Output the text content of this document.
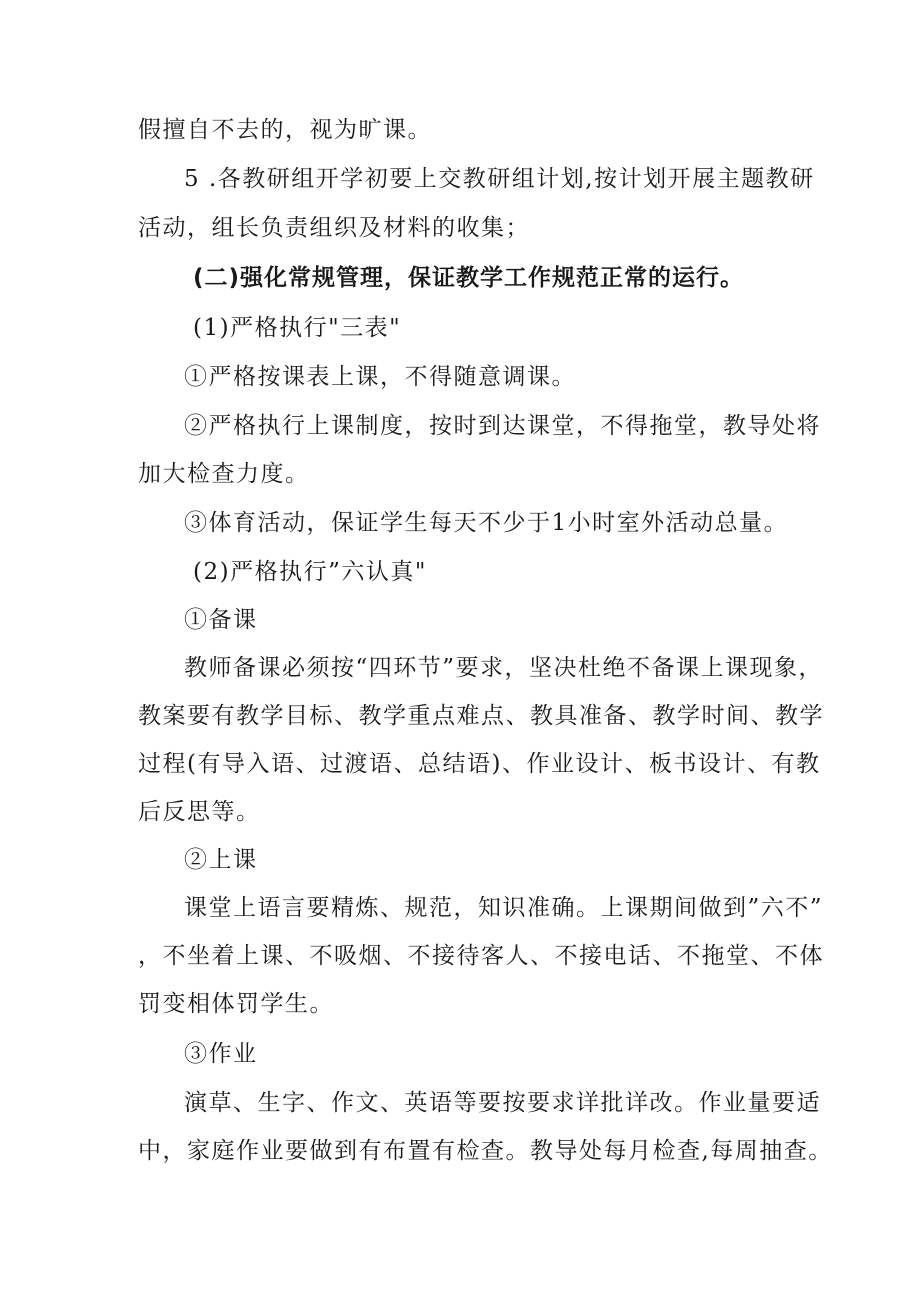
假擅自不去的，视为旷课。
5 .各教研组开学初要上交教研组计划,按计划开展主题教研
活动，组长负责组织及材料的收集；
(二)强化常规管理，保证教学工作规范正常的运行。
(1)严格执行"三表"
①严格按课表上课，不得随意调课。
②严格执行上课制度，按时到达课堂，不得拖堂，教导处将
加大检查力度。
③体育活动，保证学生每天不少于1小时室外活动总量。
(2)严格执行”六认真"
①备课
教师备课必须按“四环节”要求，坚决杜绝不备课上课现象，
教案要有教学目标、教学重点难点、教具准备、教学时间、教学
过程(有导入语、过渡语、总结语)、作业设计、板书设计、有教
后反思等。
②上课
课堂上语言要精炼、规范，知识准确。上课期间做到”六不”
，不坐着上课、不吸烟、不接待客人、不接电话、不拖堂、不体
罚变相体罚学生。
③作业
演草、生字、作文、英语等要按要求详批详改。作业量要适
中，家庭作业要做到有布置有检查。教导处每月检查,每周抽查。
